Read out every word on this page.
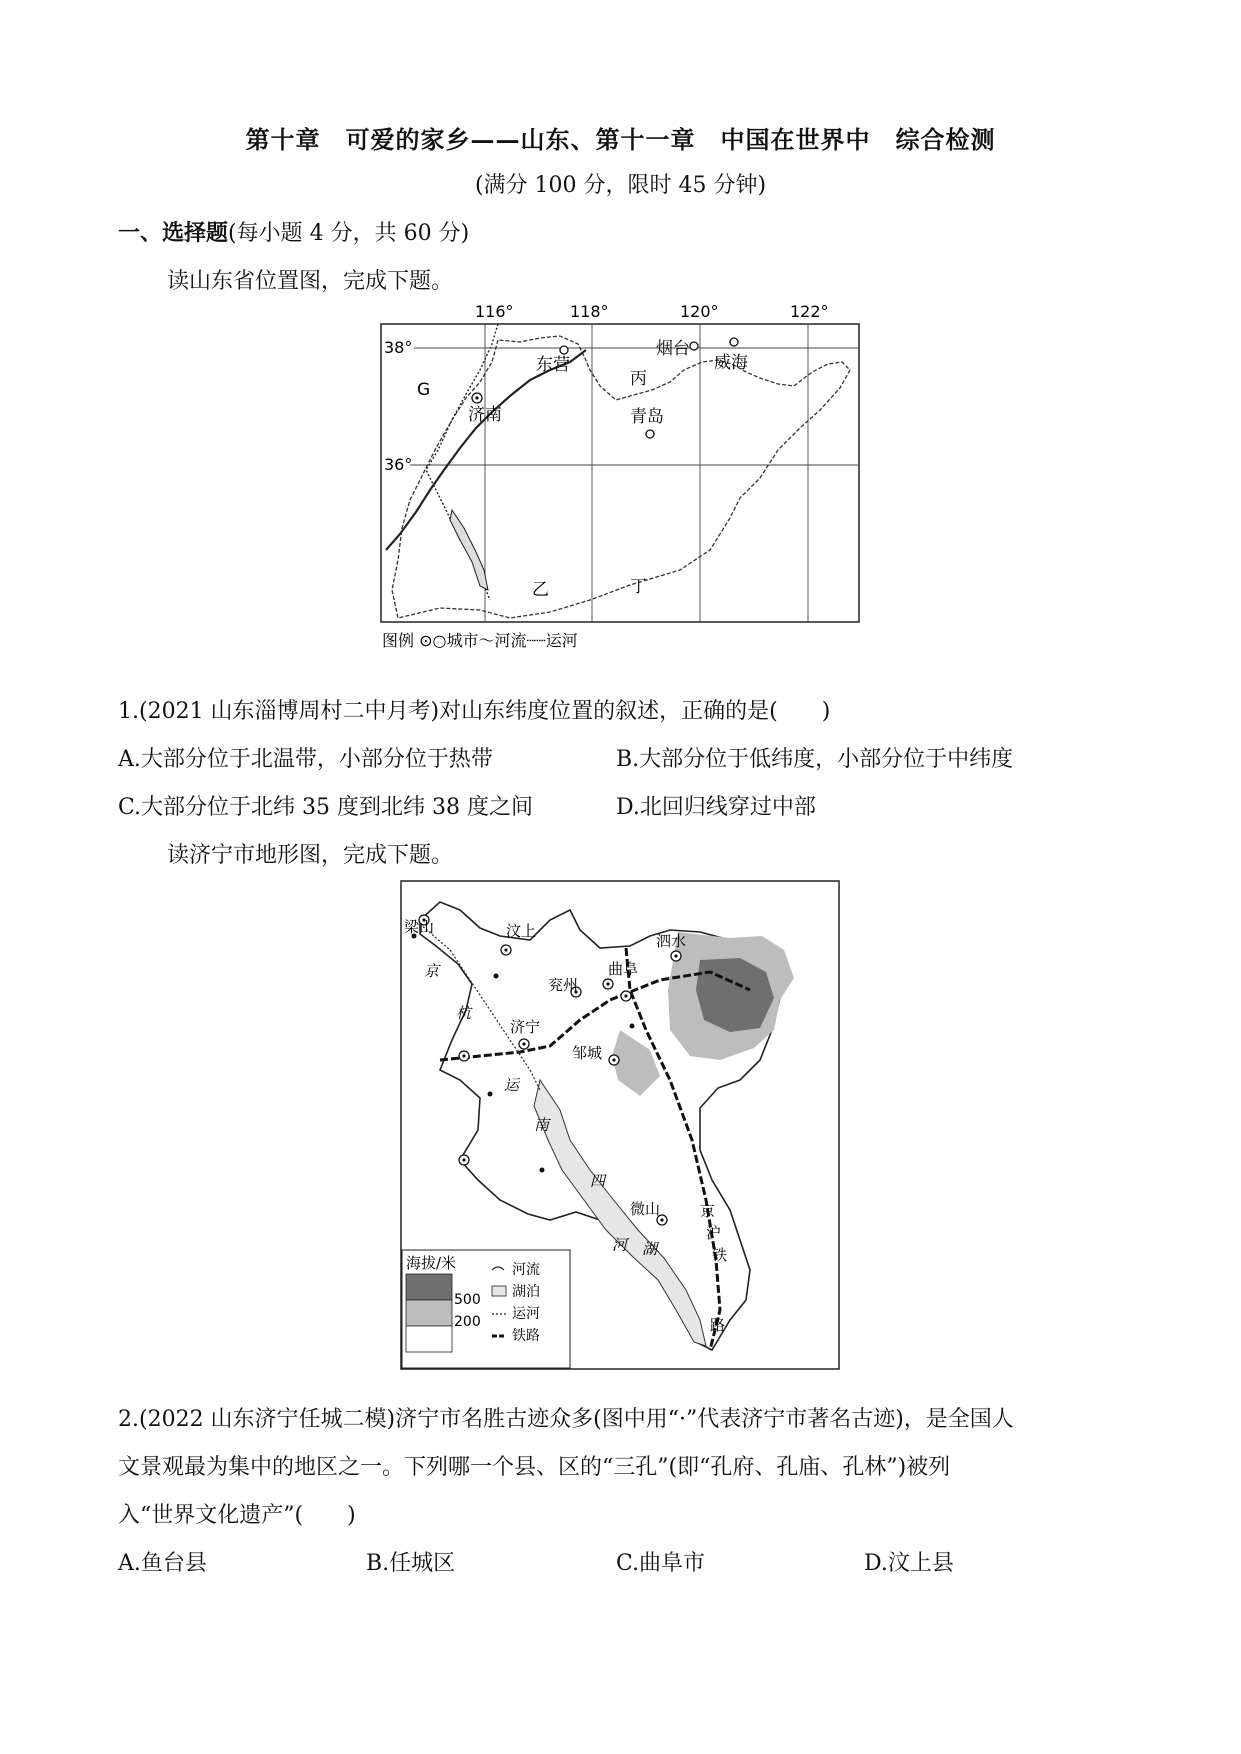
第十章　可爱的家乡——山东、第十一章　中国在世界中　综合检测
(满分 100 分，限时 45 分钟)
一、选择题(每小题 4 分，共 60 分)
读山东省位置图，完成下题。
116°	118°	120°	122°
38°
36°
东营
烟台
威海
济南	青岛
G
丙
乙	丁
图例 ⊙○城市〜河流┈┈运河
1.(2021 山东淄博周村二中月考)对山东纬度位置的叙述，正确的是(　　)
A.大部分位于北温带，小部分位于热带	B.大部分位于低纬度，小部分位于中纬度
C.大部分位于北纬 35 度到北纬 38 度之间	D.北回归线穿过中部
读济宁市地形图，完成下题。
梁山	汶上
泗水
曲阜
兖州
济宁
邹城
微山
京
杭
运
河
南
四
湖
京
沪
铁
路
海拔/米
500
200
河流
湖泊
运河
铁路
2.(2022 山东济宁任城二模)济宁市名胜古迹众多(图中用“·”代表济宁市著名古迹)，是全国人
文景观最为集中的地区之一。下列哪一个县、区的“三孔”(即“孔府、孔庙、孔林”)被列
入“世界文化遗产”(　　)
A.鱼台县	B.任城区	C.曲阜市	D.汶上县
